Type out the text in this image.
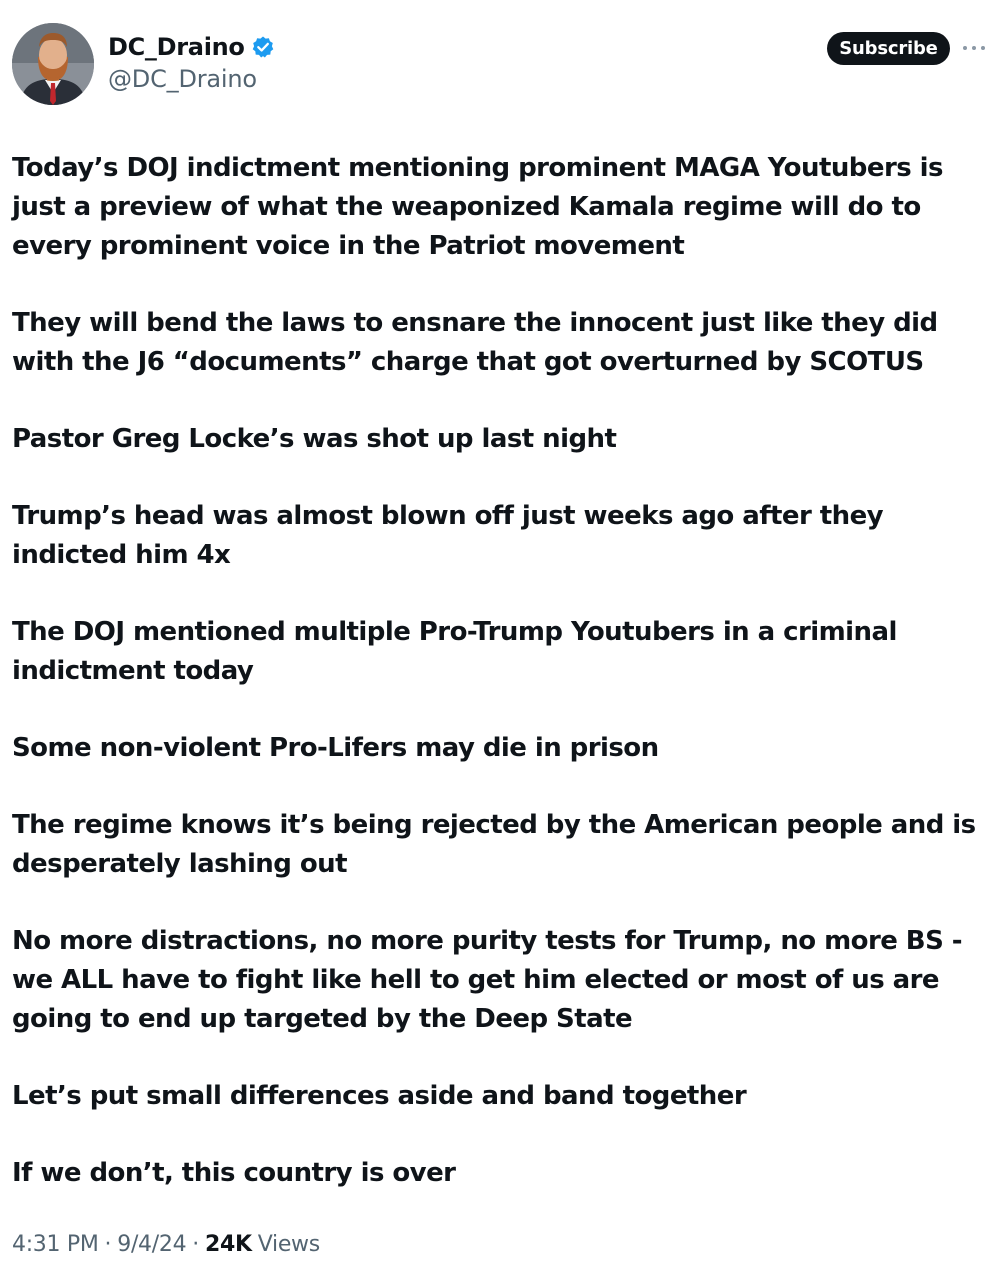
DC_Draino
@DC_Draino
Subscribe

Today’s DOJ indictment mentioning prominent MAGA Youtubers is just a preview of what the weaponized Kamala regime will do to every prominent voice in the Patriot movement

They will bend the laws to ensnare the innocent just like they did with the J6 “documents” charge that got overturned by SCOTUS

Pastor Greg Locke’s was shot up last night

Trump’s head was almost blown off just weeks ago after they indicted him 4x

The DOJ mentioned multiple Pro-Trump Youtubers in a criminal indictment today

Some non-violent Pro-Lifers may die in prison

The regime knows it’s being rejected by the American people and is desperately lashing out

No more distractions, no more purity tests for Trump, no more BS - we ALL have to fight like hell to get him elected or most of us are going to end up targeted by the Deep State

Let’s put small differences aside and band together

If we don’t, this country is over

4:31 PM · 9/4/24 · 24K Views
